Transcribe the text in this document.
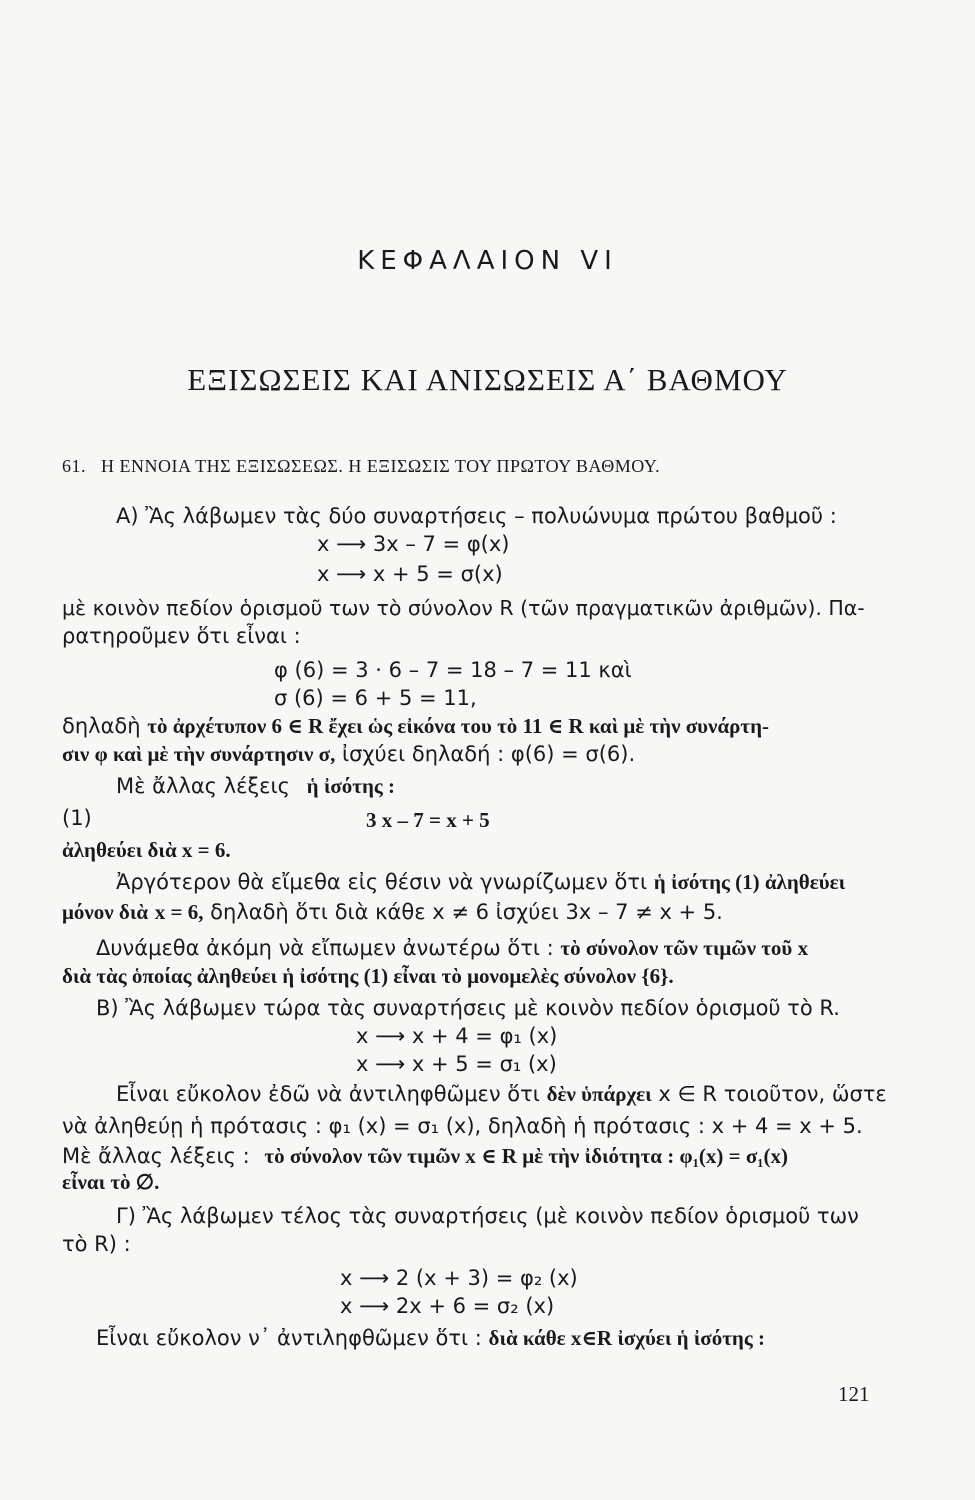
ΚΕΦΑΛΑΙΟΝ VI
ΕΞΙΣΩΣΕΙΣ ΚΑΙ ΑΝΙΣΩΣΕΙΣ Α΄ ΒΑΘΜΟΥ
61. Η ΕΝΝΟΙΑ ΤΗΣ ΕΞΙΣΩΣΕΩΣ. Η ΕΞΙΣΩΣΙΣ ΤΟΥ ΠΡΩΤΟΥ ΒΑΘΜΟΥ.
Α) Ἂς λάβωμεν τὰς δύο συναρτήσεις – πολυώνυμα πρώτου βαθμοῦ :
x ⟶ 3x – 7 = φ(x)
x ⟶ x + 5 = σ(x)
μὲ κοινὸν πεδίον ὁρισμοῦ των τὸ σύνολον R (τῶν πραγματικῶν ἀριθμῶν). Πα-
ρατηροῦμεν ὅτι εἶναι :
φ (6) = 3 · 6 – 7 = 18 – 7 = 11 καὶ
σ (6) = 6 + 5 = 11,
δηλαδὴ τὸ ἀρχέτυπον 6 ∈ R ἔχει ὡς εἰκόνα του τὸ 11 ∈ R καὶ μὲ τὴν συνάρτη-
σιν φ καὶ μὲ τὴν συνάρτησιν σ, ἰσχύει δηλαδή : φ(6) = σ(6).
Μὲ ἄλλας λέξεις ἡ ἰσότης :
(1)	3 x – 7 = x + 5
ἀληθεύει διὰ x = 6.
Ἀργότερον θὰ εἴμεθα εἰς θέσιν νὰ γνωρίζωμεν ὅτι ἡ ἰσότης (1) ἀληθεύει
μόνον διὰ x = 6, δηλαδὴ ὅτι διὰ κάθε x ≠ 6 ἰσχύει 3x – 7 ≠ x + 5.
Δυνάμεθα ἀκόμη νὰ εἴπωμεν ἀνωτέρω ὅτι : τὸ σύνολον τῶν τιμῶν τοῦ x
διὰ τὰς ὁποίας ἀληθεύει ἡ ἰσότης (1) εἶναι τὸ μονομελὲς σύνολον {6}.
Β) Ἂς λάβωμεν τώρα τὰς συναρτήσεις μὲ κοινὸν πεδίον ὁρισμοῦ τὸ R.
x ⟶ x + 4 = φ₁ (x)
x ⟶ x + 5 = σ₁ (x)
Εἶναι εὔκολον ἐδῶ νὰ ἀντιληφθῶμεν ὅτι δὲν ὑπάρχει x ∈ R τοιοῦτον, ὥστε
νὰ ἀληθεύῃ ἡ πρότασις : φ₁ (x) = σ₁ (x), δηλαδὴ ἡ πρότασις : x + 4 = x + 5.
Μὲ ἄλλας λέξεις : τὸ σύνολον τῶν τιμῶν x ∈ R μὲ τὴν ἰδιότητα : φ₁(x) = σ₁(x)
εἶναι τὸ ∅.
Γ) Ἂς λάβωμεν τέλος τὰς συναρτήσεις (μὲ κοινὸν πεδίον ὁρισμοῦ των
τὸ R) :
x ⟶ 2 (x + 3) = φ₂ (x)
x ⟶ 2x + 6 = σ₂ (x)
Εἶναι εὔκολον ν᾽ ἀντιληφθῶμεν ὅτι : διὰ κάθε x∈R ἰσχύει ἡ ἰσότης :
121
